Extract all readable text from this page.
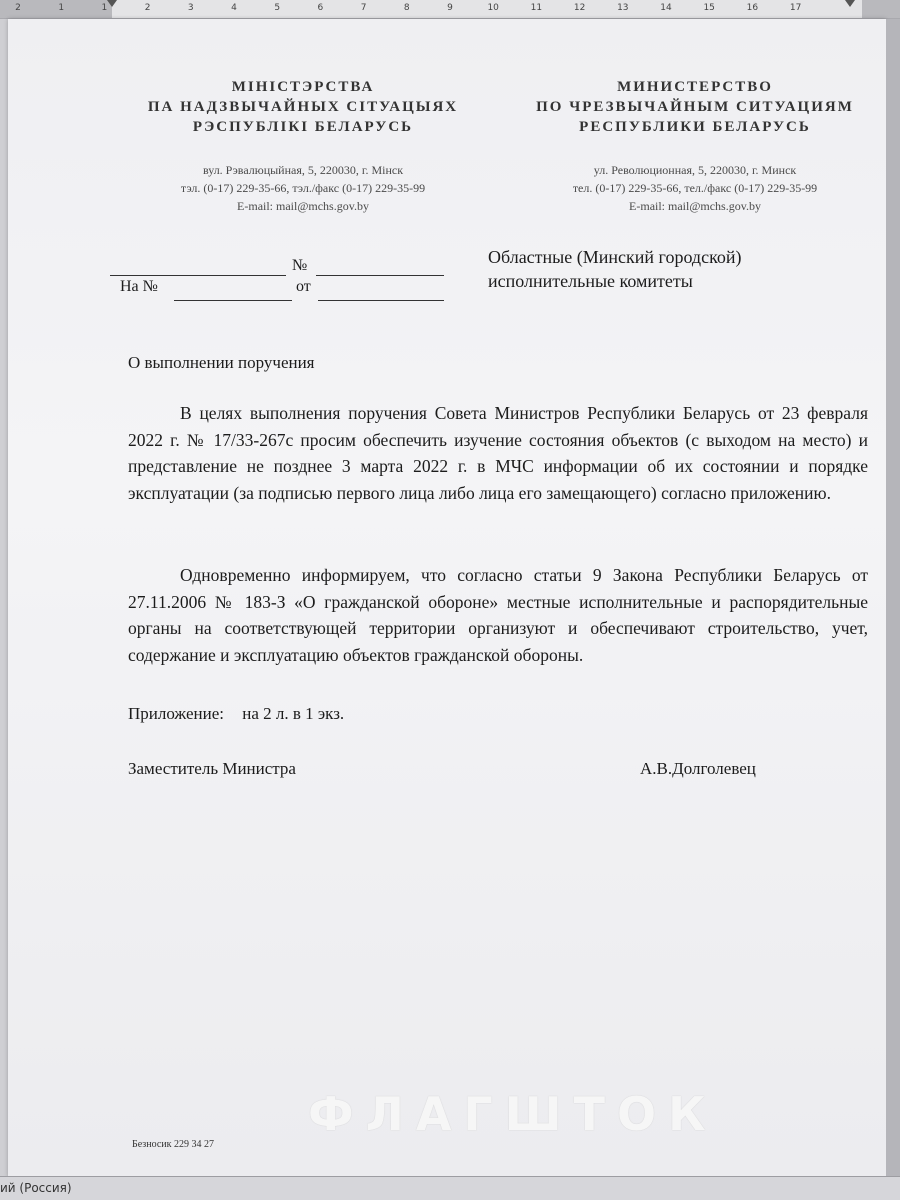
2	1	1	2	3	4	5	6	7	8	9	10	11	12	13	14	15	16	17
МІНІСТЭРСТВА
ПА НАДЗВЫЧАЙНЫХ СІТУАЦЫЯХ
РЭСПУБЛІКІ БЕЛАРУСЬ
МИНИСТЕРСТВО
ПО ЧРЕЗВЫЧАЙНЫМ СИТУАЦИЯМ
РЕСПУБЛИКИ БЕЛАРУСЬ
вул. Рэвалюцыйная, 5, 220030, г. Мінск
тэл. (0-17) 229-35-66, тэл./факс (0-17) 229-35-99
E-mail: mail@mchs.gov.by
ул. Революционная, 5, 220030, г. Минск
тел. (0-17) 229-35-66, тел./факс (0-17) 229-35-99
E-mail: mail@mchs.gov.by
№
На №	от
Областные (Минский городской)
исполнительные комитеты
О выполнении поручения
В целях выполнения поручения Совета Министров Республики Беларусь от 23 февраля 2022 г. № 17/33-267с просим обеспечить изучение состояния объектов (с выходом на место) и представление не позднее 3 марта 2022 г. в МЧС информации об их состоянии и порядке эксплуатации (за подписью первого лица либо лица его замещающего) согласно приложению.
Одновременно информируем, что согласно статьи 9 Закона Республики Беларусь от 27.11.2006 № 183-З «О гражданской обороне» местные исполнительные и распорядительные органы на соответствующей территории организуют и обеспечивают строительство, учет, содержание и эксплуатацию объектов гражданской обороны.
Приложение: на 2 л. в 1 экз.
Заместитель Министра	А.В.Долголевец
ФЛАГШТОК
Безносик 229 34 27
ий (Россия)
